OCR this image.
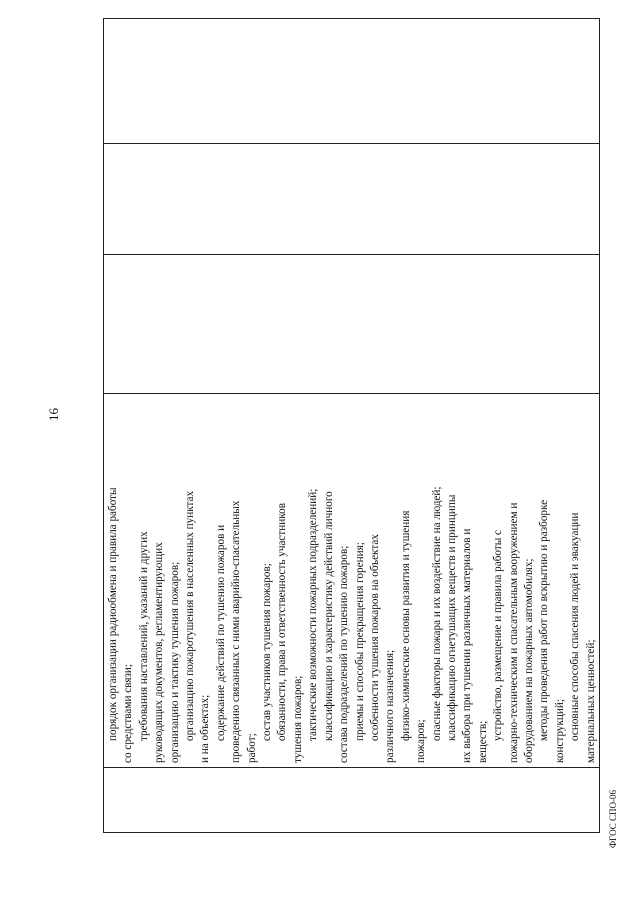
16

порядок организации радиообмена и правила работы со средствами связи; требования наставлений, указаний и других руководящих документов, регламентирующих организацию и тактику тушения пожаров; организацию пожаротушения в населенных пунктах и на объектах; содержание действий по тушению пожаров и проведению связанных с ними аварийно-спасательных работ;

состав участников тушения пожаров; обязанности, права и ответственность участников тушения пожаров; тактические возможности пожарных подразделений; классификацию и характеристику действий личного состава подразделений по тушению пожаров; приемы и способы прекращения горения; особенности тушения пожаров на объектах различного назначения; физико-химические основы развития и тушения

пожаров;

опасные факторы пожара и их воздействие на людей; классификацию огнетушащих веществ и принципы их выбора при тушении различных материалов и веществ;

устройство, размещение и правила работы с пожарно-техническим и спасательным вооружением и оборудованием на пожарных автомобилях; методы проведения работ по вскрытию и разборке конструкций; основные способы спасения людей и эвакуации материальных ценностей;

ФГОС СПО-06
